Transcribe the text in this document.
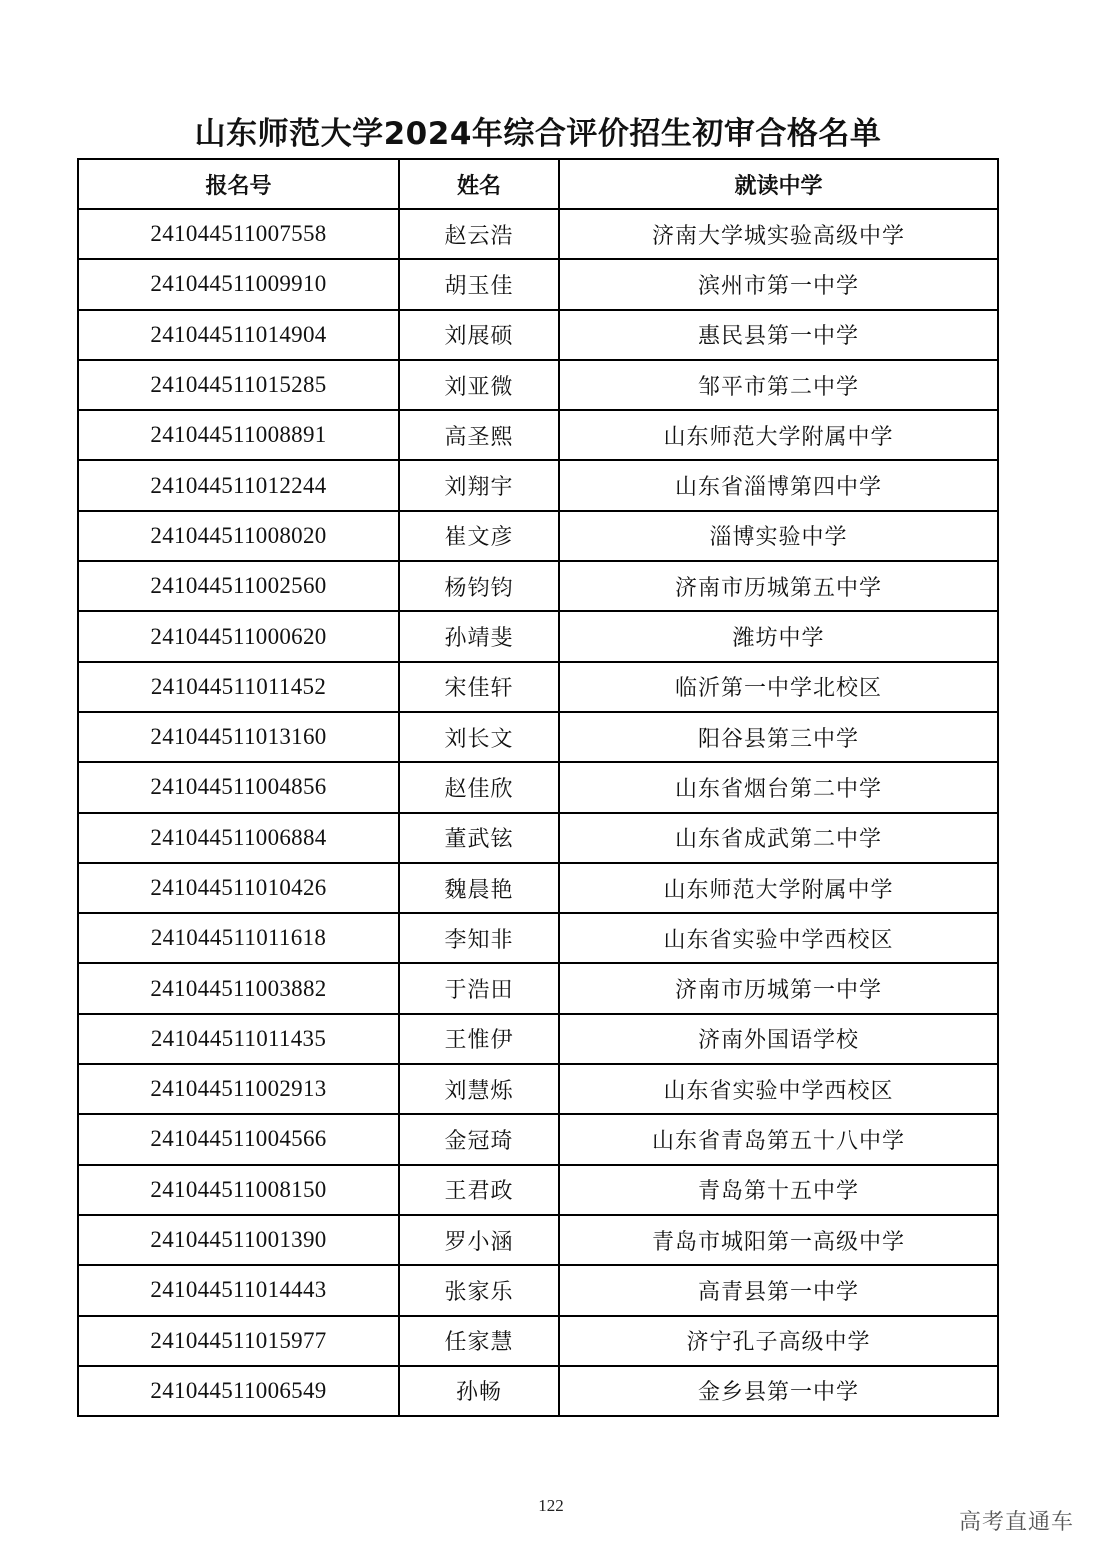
山东师范大学2024年综合评价招生初审合格名单
报名号	姓名	就读中学
241044511007558	赵云浩	济南大学城实验高级中学
241044511009910	胡玉佳	滨州市第一中学
241044511014904	刘展硕	惠民县第一中学
241044511015285	刘亚微	邹平市第二中学
241044511008891	高圣熙	山东师范大学附属中学
241044511012244	刘翔宇	山东省淄博第四中学
241044511008020	崔文彦	淄博实验中学
241044511002560	杨钧钧	济南市历城第五中学
241044511000620	孙靖斐	潍坊中学
241044511011452	宋佳轩	临沂第一中学北校区
241044511013160	刘长文	阳谷县第三中学
241044511004856	赵佳欣	山东省烟台第二中学
241044511006884	董武铉	山东省成武第二中学
241044511010426	魏晨艳	山东师范大学附属中学
241044511011618	李知非	山东省实验中学西校区
241044511003882	于浩田	济南市历城第一中学
241044511011435	王惟伊	济南外国语学校
241044511002913	刘慧烁	山东省实验中学西校区
241044511004566	金冠琦	山东省青岛第五十八中学
241044511008150	王君政	青岛第十五中学
241044511001390	罗小涵	青岛市城阳第一高级中学
241044511014443	张家乐	高青县第一中学
241044511015977	任家慧	济宁孔子高级中学
241044511006549	孙畅	金乡县第一中学
122
高考直通车
